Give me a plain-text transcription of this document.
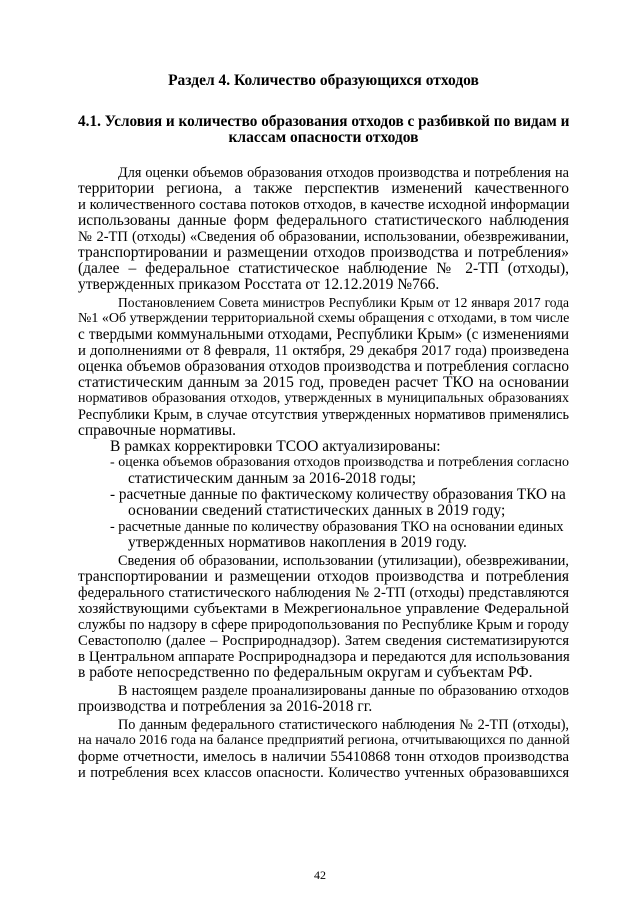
Раздел 4. Количество образующихся отходов
4.1. Условия и количество образования отходов с разбивкой по видам и
классам опасности отходов
Для оценки объемов образования отходов производства и потребления на
территории региона, а также перспектив изменений качественного
и количественного состава потоков отходов, в качестве исходной информации
использованы данные форм федерального статистического наблюдения
№ 2-ТП (отходы) «Сведения об образовании, использовании, обезвреживании,
транспортировании и размещении отходов производства и потребления»
(далее – федеральное статистическое наблюдение № 2-ТП (отходы),
утвержденных приказом Росстата от 12.12.2019 №766.
Постановлением Совета министров Республики Крым от 12 января 2017 года
№1 «Об утверждении территориальной схемы обращения с отходами, в том числе
с твердыми коммунальными отходами, Республики Крым» (с изменениями
и дополнениями от 8 февраля, 11 октября, 29 декабря 2017 года) произведена
оценка объемов образования отходов производства и потребления согласно
статистическим данным за 2015 год, проведен расчет ТКО на основании
нормативов образования отходов, утвержденных в муниципальных образованиях
Республики Крым, в случае отсутствия утвержденных нормативов применялись
справочные нормативы.
В рамках корректировки ТСОО актуализированы:
- оценка объемов образования отходов производства и потребления согласно
статистическим данным за 2016-2018 годы;
- расчетные данные по фактическому количеству образования ТКО на
основании сведений статистических данных в 2019 году;
- расчетные данные по количеству образования ТКО на основании единых
утвержденных нормативов накопления в 2019 году.
Сведения об образовании, использовании (утилизации), обезвреживании,
транспортировании и размещении отходов производства и потребления
федерального статистического наблюдения № 2-ТП (отходы) представляются
хозяйствующими субъектами в Межрегиональное управление Федеральной
службы по надзору в сфере природопользования по Республике Крым и городу
Севастополю (далее – Росприроднадзор). Затем сведения систематизируются
в Центральном аппарате Росприроднадзора и передаются для использования
в работе непосредственно по федеральным округам и субъектам РФ.
В настоящем разделе проанализированы данные по образованию отходов
производства и потребления за 2016-2018 гг.
По данным федерального статистического наблюдения № 2-ТП (отходы),
на начало 2016 года на балансе предприятий региона, отчитывающихся по данной
форме отчетности, имелось в наличии 55410868 тонн отходов производства
и потребления всех классов опасности. Количество учтенных образовавшихся
42
